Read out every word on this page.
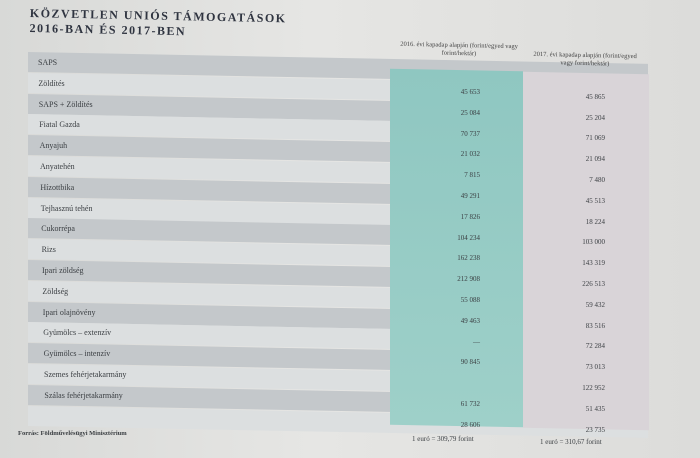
KÖZVETLEN UNIÓS TÁMOGATÁSOK
2016-BAN ÉS 2017-BEN
2016. évi kapadap alapján (forint/egyed vagy forint/hektár)	2017. évi kapadap alapján (forint/egyed vagy forint/hektár)
SAPS
Zöldítés
45 653
45 865
SAPS + Zöldítés
25 084
25 204
Fiatal Gazda
70 737
71 069
Anyajuh
21 032
21 094
Anyatehén
7 815
7 480
Hízottbika
49 291
45 513
Tejhasznú tehén
17 826
18 224
Cukorrépa
104 234
103 000
Rizs
162 238
143 319
Ipari zöldség
212 908
226 513
Zöldség
55 088
59 432
Ipari olajnövény
49 463
83 516
Gyümölcs – extenzív
—
72 284
Gyümölcs – intenzív
90 845
73 013
Szemes fehérjetakarmány
122 952
Szálas fehérjetakarmány
61 732
51 435
28 606
23 735
Forrás: Földművelésügyi Minisztérium
1 euró = 309,79 forint	1 euró = 310,67 forint
